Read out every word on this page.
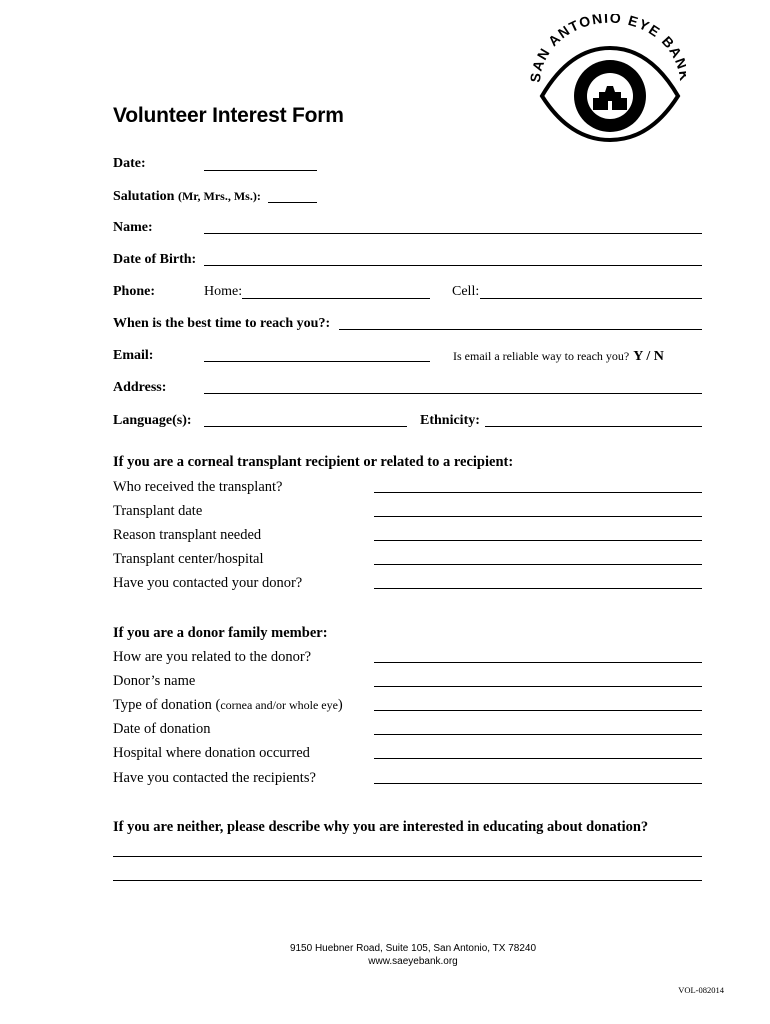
SAN ANTONIO EYE BA
Volunteer Interest Form
Date:
Salutation (Mr, Mrs., Ms.):
Name:
Date of Birth:
Phone:	Home:	Cell:
When is the best time to reach you?:
Email:	Is email a reliable way to reach you? Y / N
Address:
Language(s):	Ethnicity:
If you are a corneal transplant recipient or related to a recipient:
Who received the transplant?
Transplant date
Reason transplant needed
Transplant center/hospital
Have you contacted your donor?
If you are a donor family member:
How are you related to the donor?
Donor’s name
Type of donation (cornea and/or whole eye)
Date of donation
Hospital where donation occurred
Have you contacted the recipients?
If you are neither, please describe why you are interested in educating about donation?
9150 Huebner Road, Suite 105, San Antonio, TX 78240
www.saeyebank.org
VOL-082014
